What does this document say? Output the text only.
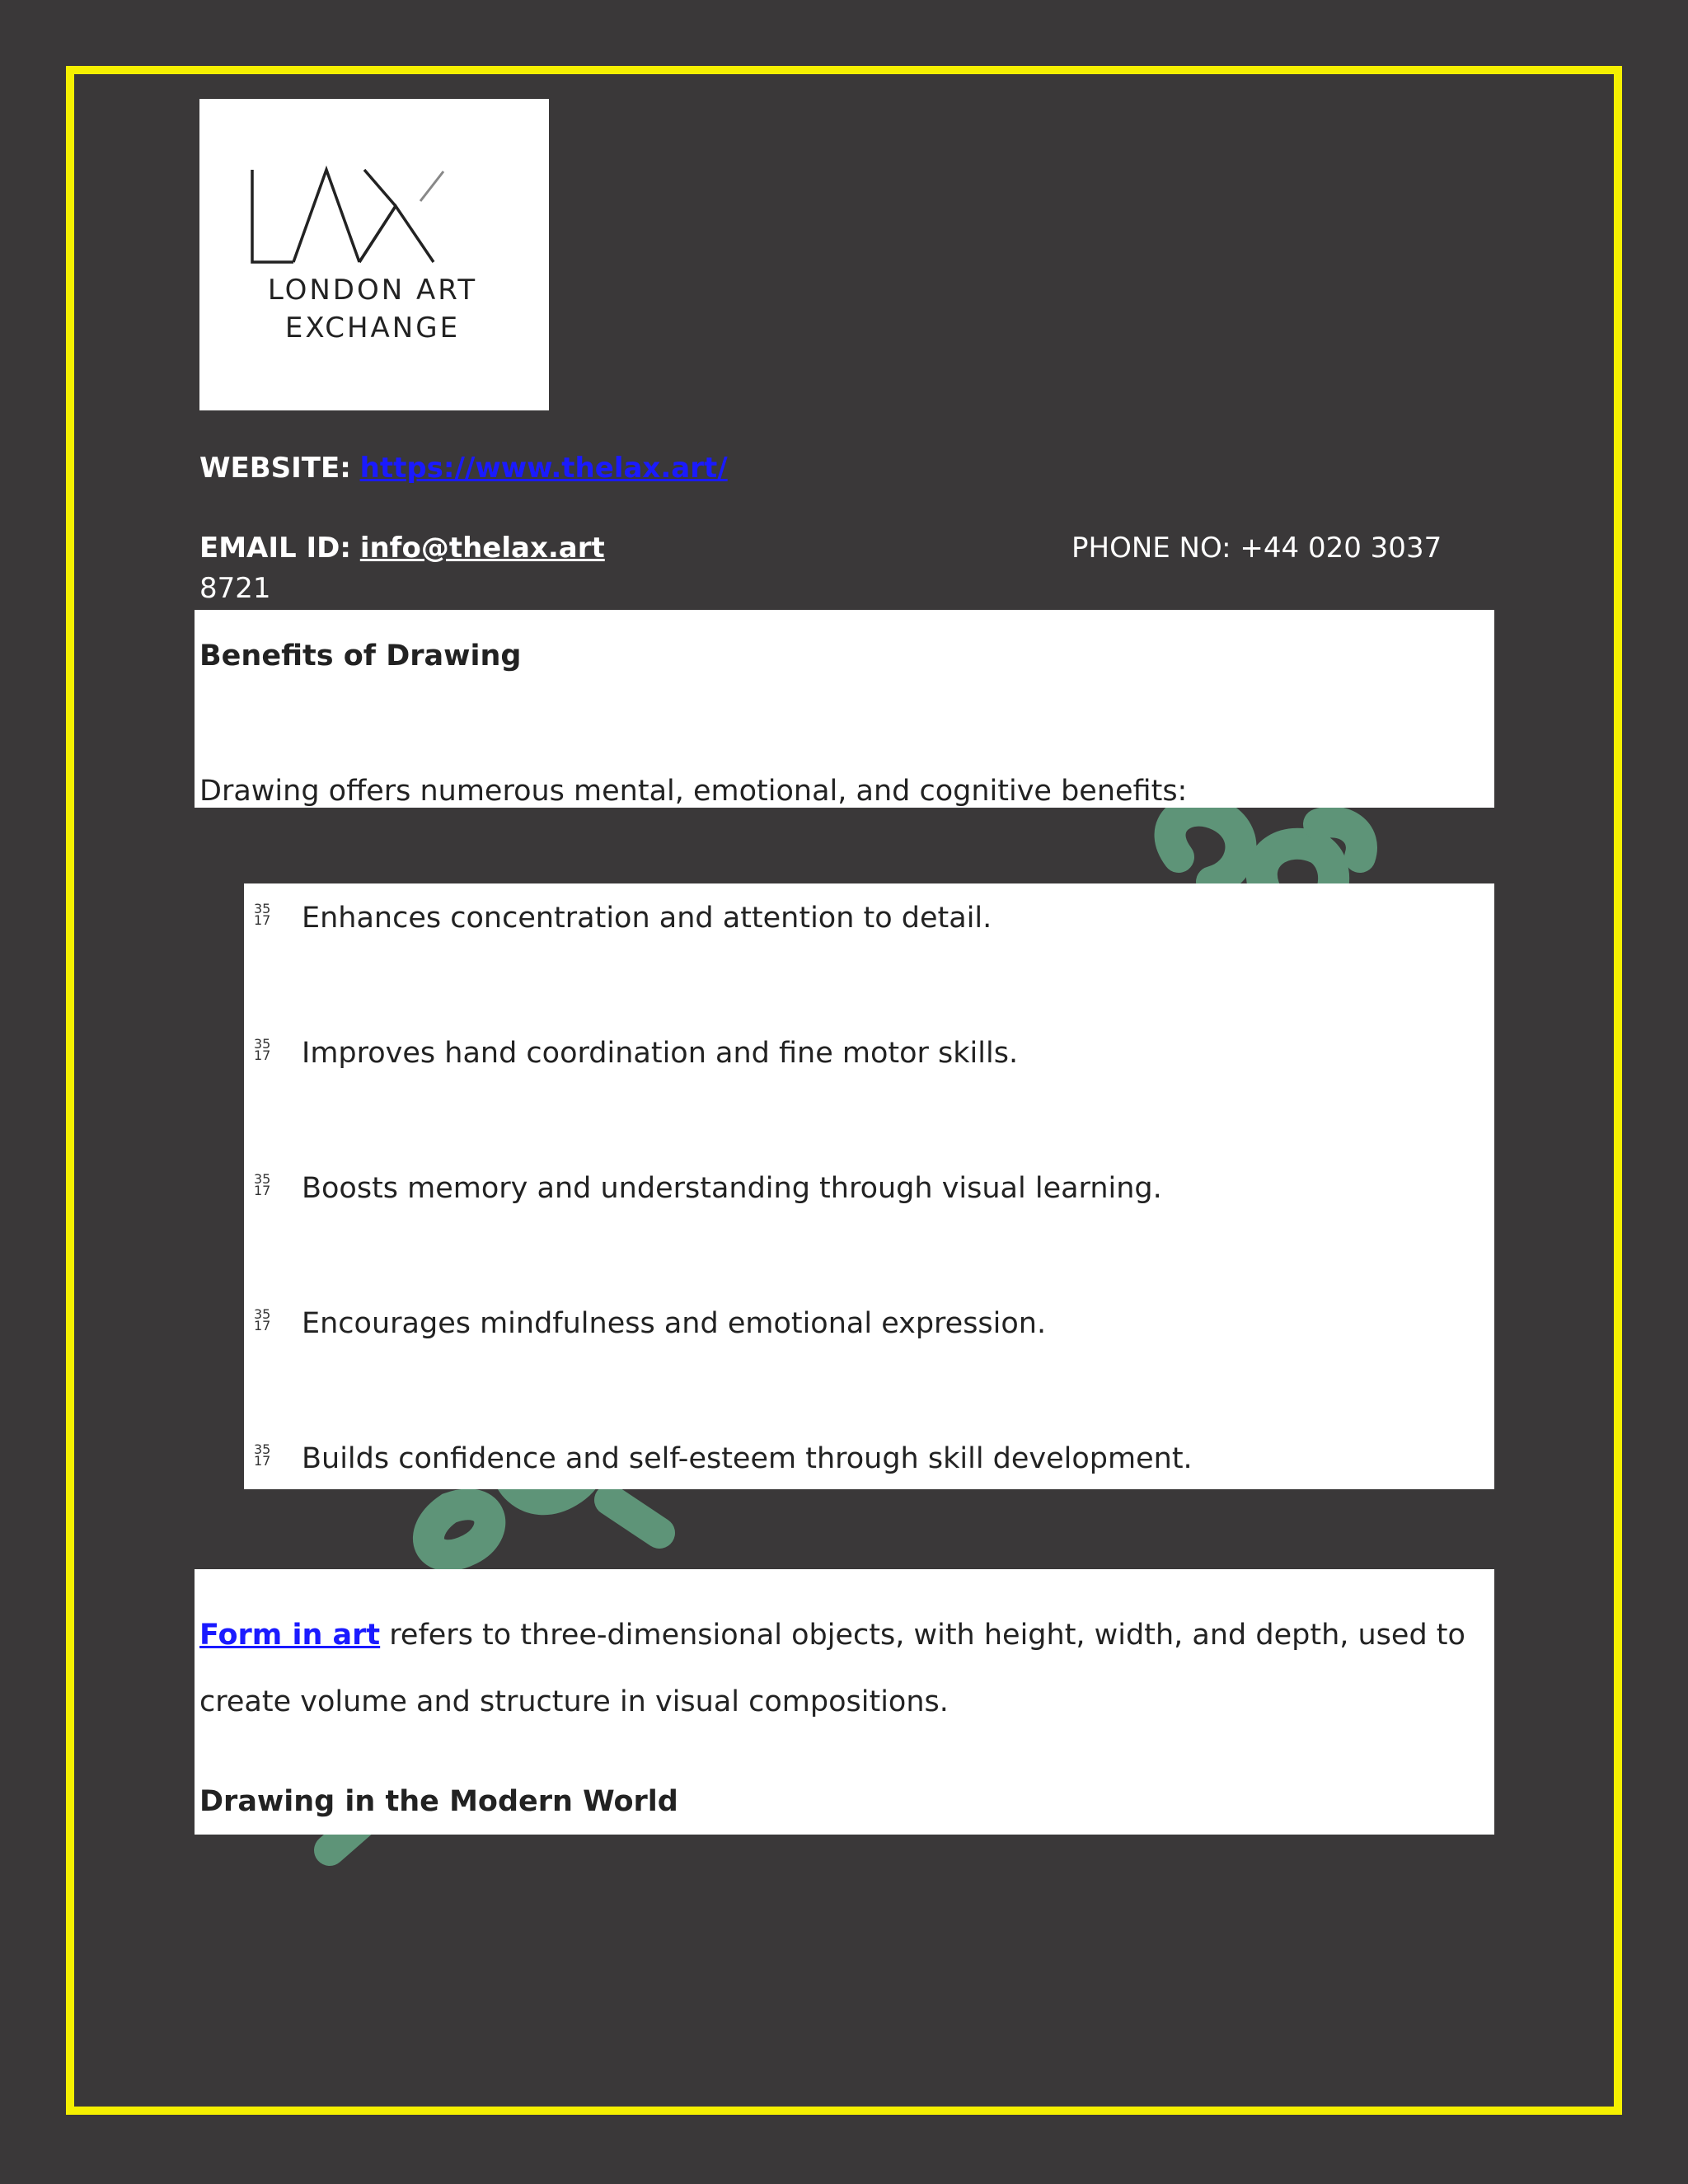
LONDON ART
EXCHANGE
WEBSITE: https://www.thelax.art/
EMAIL ID: info@thelax.art	PHONE NO: +44 020 3037
8721
Benefits of Drawing
Drawing offers numerous mental, emotional, and cognitive benefits:
35
17 Enhances concentration and attention to detail.
35
17 Improves hand coordination and fine motor skills.
35
17 Boosts memory and understanding through visual learning.
35
17 Encourages mindfulness and emotional expression.
35
17 Builds confidence and self-esteem through skill development.
Form in art refers to three-dimensional objects, with height, width, and depth, used to create volume and structure in visual compositions.
Drawing in the Modern World
